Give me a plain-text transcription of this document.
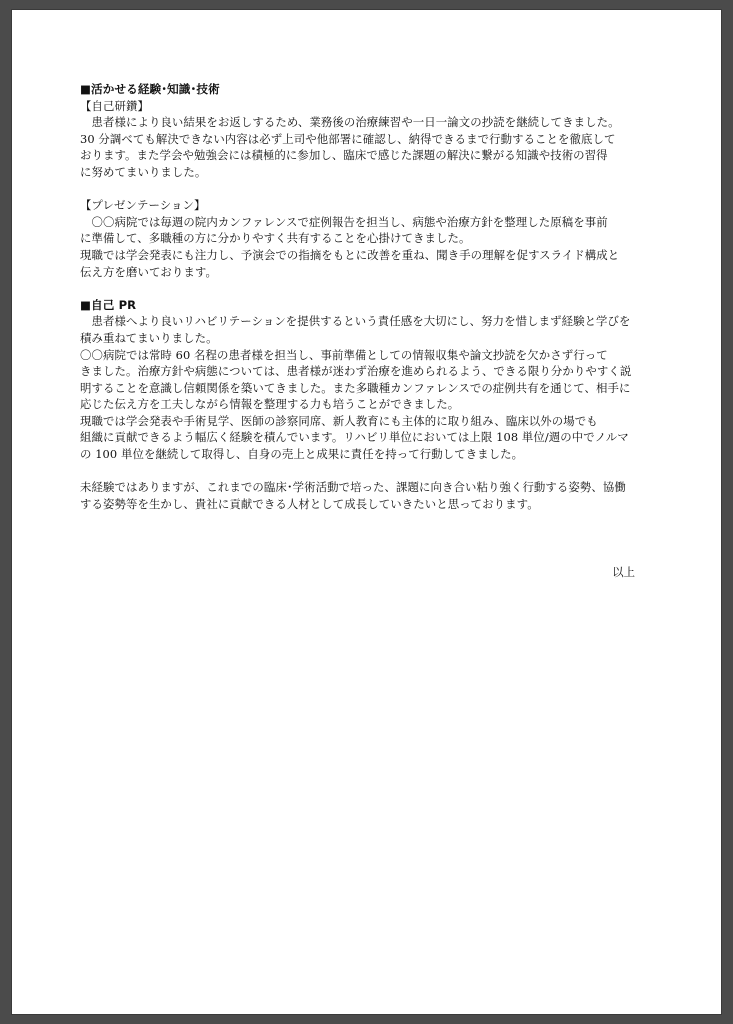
■活かせる経験･知識･技術

【自己研鑽】

　患者様により良い結果をお返しするため、業務後の治療練習や一日一論文の抄読を継続してきました。

30 分調べても解決できない内容は必ず上司や他部署に確認し、納得できるまで行動することを徹底して

おります。また学会や勉強会には積極的に参加し、臨床で感じた課題の解決に繋がる知識や技術の習得

に努めてまいりました。

【プレゼンテーション】

　〇〇病院では毎週の院内カンファレンスで症例報告を担当し、病態や治療方針を整理した原稿を事前

に準備して、多職種の方に分かりやすく共有することを心掛けてきました。

現職では学会発表にも注力し、予演会での指摘をもとに改善を重ね、聞き手の理解を促すスライド構成と

伝え方を磨いております。

■自己 PR

　患者様へより良いリハビリテーションを提供するという責任感を大切にし、努力を惜しまず経験と学びを

積み重ねてまいりました。

〇〇病院では常時 60 名程の患者様を担当し、事前準備としての情報収集や論文抄読を欠かさず行って

きました。治療方針や病態については、患者様が迷わず治療を進められるよう、できる限り分かりやすく説

明することを意識し信頼関係を築いてきました。また多職種カンファレンスでの症例共有を通じて、相手に

応じた伝え方を工夫しながら情報を整理する力も培うことができました。

現職では学会発表や手術見学、医師の診察同席、新人教育にも主体的に取り組み、臨床以外の場でも

組織に貢献できるよう幅広く経験を積んでいます。リハビリ単位においては上限 108 単位/週の中でノルマ

の 100 単位を継続して取得し、自身の売上と成果に責任を持って行動してきました。

未経験ではありますが、これまでの臨床･学術活動で培った、課題に向き合い粘り強く行動する姿勢、協働

する姿勢等を生かし、貴社に貢献できる人材として成長していきたいと思っております。

以上
